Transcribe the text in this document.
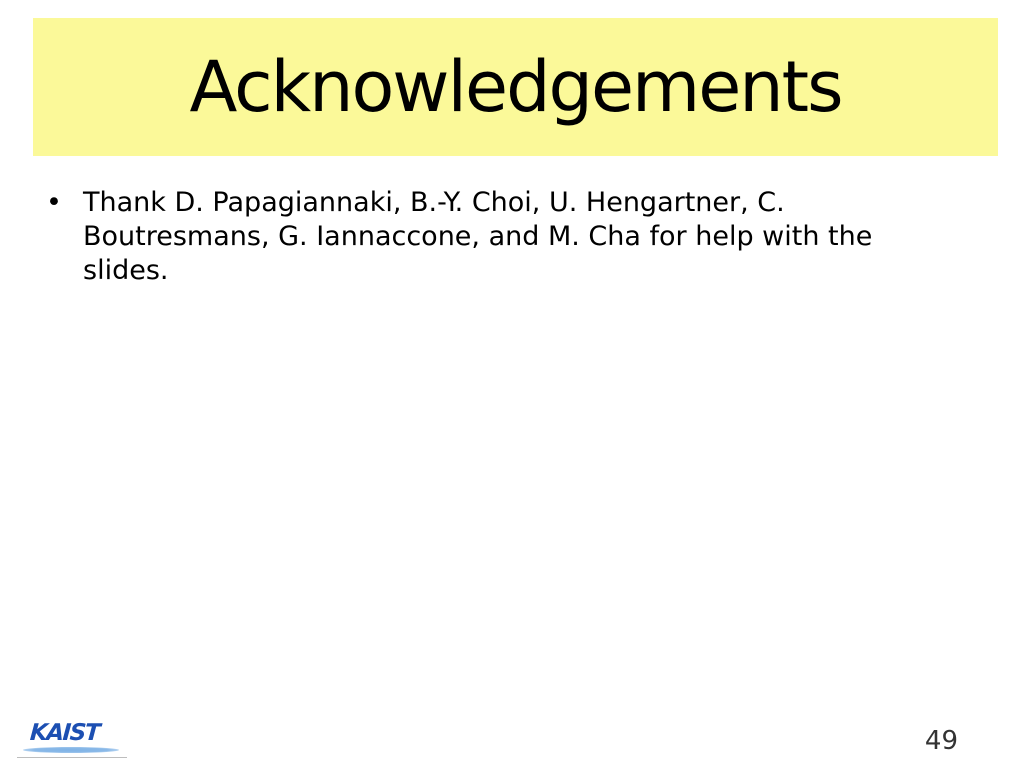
Acknowledgements
• Thank D. Papagiannaki, B.-Y. Choi, U. Hengartner, C. Boutresmans, G. Iannaccone, and M. Cha for help with the slides.
KAIST	49
